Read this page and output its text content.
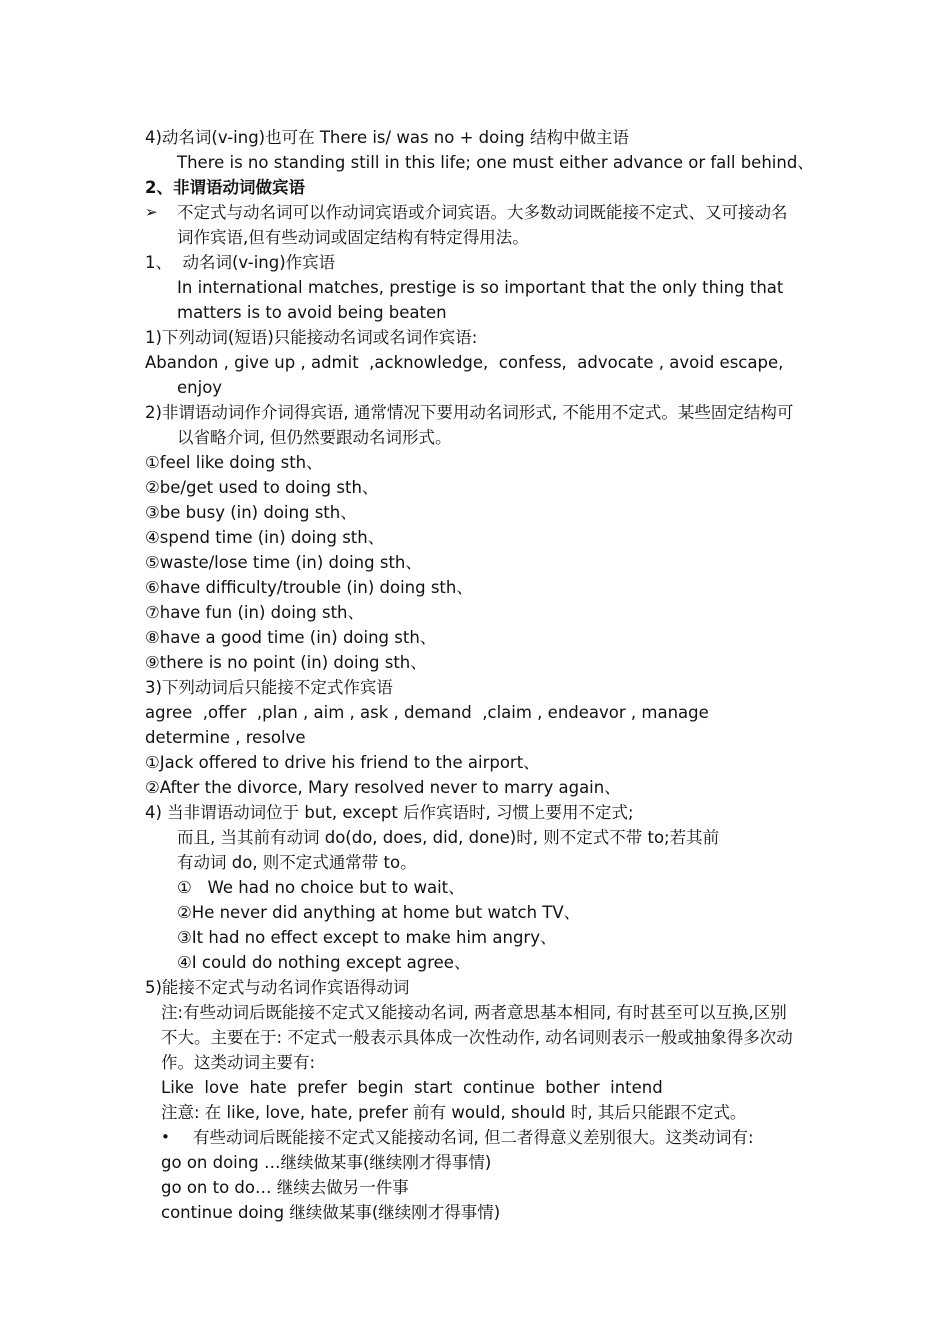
4)动名词(v-ing)也可在 There is/ was no + doing 结构中做主语
There is no standing still in this life; one must either advance or fall behind、
2、非谓语动词做宾语
➢ 不定式与动名词可以作动词宾语或介词宾语。大多数动词既能接不定式、又可接动名
词作宾语,但有些动词或固定结构有特定得用法。
1、  动名词(v-ing)作宾语
In international matches, prestige is so important that the only thing that
matters is to avoid being beaten
1)下列动词(短语)只能接动名词或名词作宾语:
Abandon , give up , admit  ,acknowledge,  confess,  advocate , avoid escape,
enjoy
2)非谓语动词作介词得宾语, 通常情况下要用动名词形式, 不能用不定式。某些固定结构可
以省略介词, 但仍然要跟动名词形式。
①feel like doing sth、
②be/get used to doing sth、
③be busy (in) doing sth、
④spend time (in) doing sth、
⑤waste/lose time (in) doing sth、
⑥have difficulty/trouble (in) doing sth、
⑦have fun (in) doing sth、
⑧have a good time (in) doing sth、
⑨there is no point (in) doing sth、
3)下列动词后只能接不定式作宾语
agree  ,offer  ,plan , aim , ask , demand  ,claim , endeavor , manage
determine , resolve
①Jack offered to drive his friend to the airport、
②After the divorce, Mary resolved never to marry again、
4) 当非谓语动词位于 but, except 后作宾语时, 习惯上要用不定式;
而且, 当其前有动词 do(do, does, did, done)时, 则不定式不带 to;若其前
有动词 do, 则不定式通常带 to。
①   We had no choice but to wait、
②He never did anything at home but watch TV、
③It had no effect except to make him angry、
④I could do nothing except agree、
5)能接不定式与动名词作宾语得动词
注:有些动词后既能接不定式又能接动名词, 两者意思基本相同, 有时甚至可以互换,区别
不大。主要在于: 不定式一般表示具体成一次性动作, 动名词则表示一般或抽象得多次动
作。这类动词主要有:
Like  love  hate  prefer  begin  start  continue  bother  intend
注意: 在 like, love, hate, prefer 前有 would, should 时, 其后只能跟不定式。
• 有些动词后既能接不定式又能接动名词, 但二者得意义差别很大。这类动词有:
go on doing …继续做某事(继续刚才得事情)
go on to do… 继续去做另一件事
continue doing 继续做某事(继续刚才得事情)
